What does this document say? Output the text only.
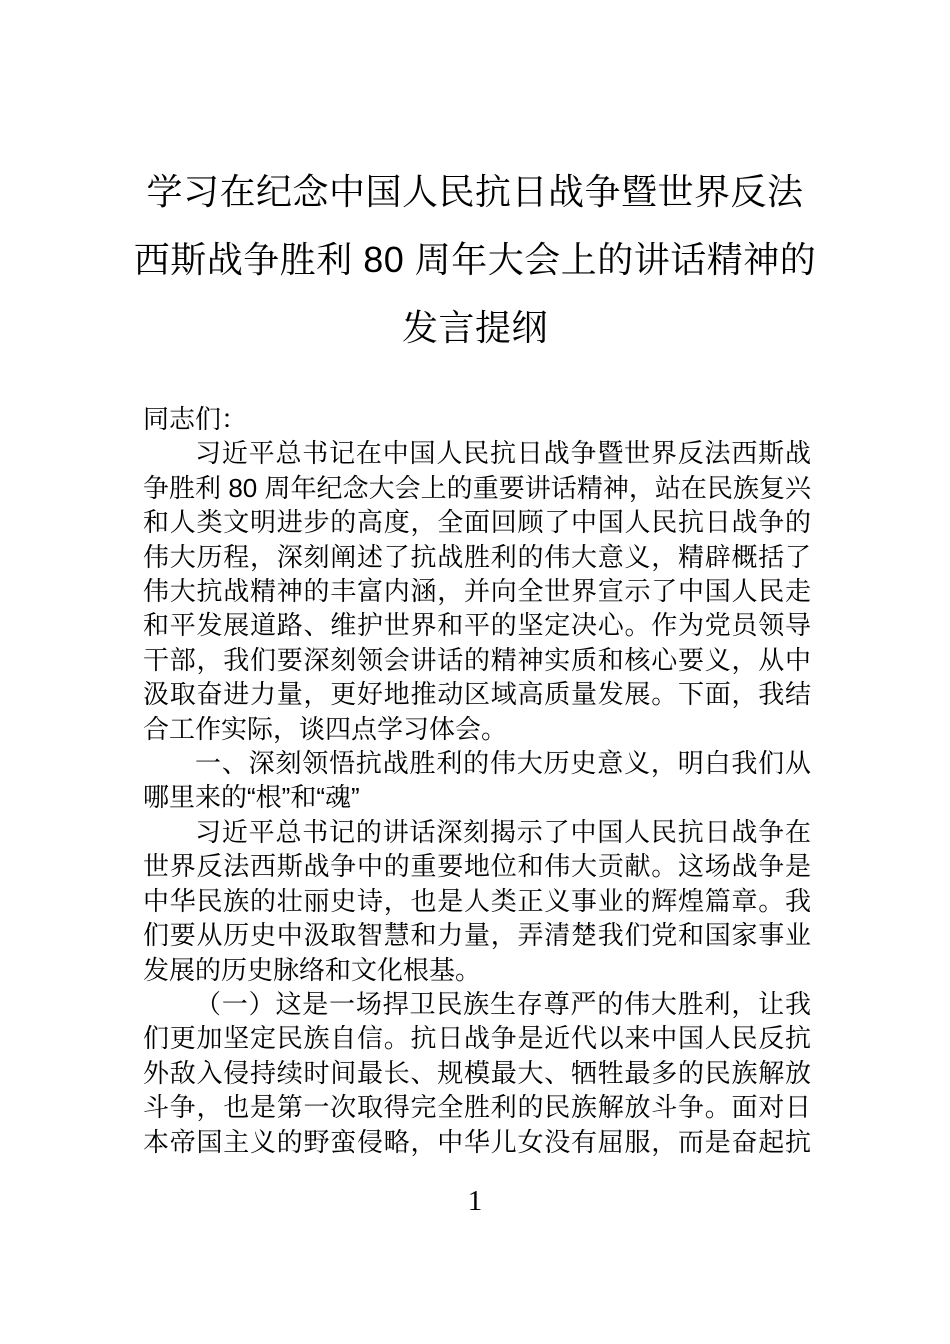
学习在纪念中国人民抗日战争暨世界反法
西斯战争胜利 80 周年大会上的讲话精神的
发言提纲
同志们：
习近平总书记在中国人民抗日战争暨世界反法西斯战
争胜利 80 周年纪念大会上的重要讲话精神，站在民族复兴
和人类文明进步的高度，全面回顾了中国人民抗日战争的
伟大历程，深刻阐述了抗战胜利的伟大意义，精辟概括了
伟大抗战精神的丰富内涵，并向全世界宣示了中国人民走
和平发展道路、维护世界和平的坚定决心。作为党员领导
干部，我们要深刻领会讲话的精神实质和核心要义，从中
汲取奋进力量，更好地推动区域高质量发展。下面，我结
合工作实际，谈四点学习体会。
一、深刻领悟抗战胜利的伟大历史意义，明白我们从
哪里来的“根”和“魂”
习近平总书记的讲话深刻揭示了中国人民抗日战争在
世界反法西斯战争中的重要地位和伟大贡献。这场战争是
中华民族的壮丽史诗，也是人类正义事业的辉煌篇章。我
们要从历史中汲取智慧和力量，弄清楚我们党和国家事业
发展的历史脉络和文化根基。
（一）这是一场捍卫民族生存尊严的伟大胜利，让我
们更加坚定民族自信。抗日战争是近代以来中国人民反抗
外敌入侵持续时间最长、规模最大、牺牲最多的民族解放
斗争，也是第一次取得完全胜利的民族解放斗争。面对日
本帝国主义的野蛮侵略，中华儿女没有屈服，而是奋起抗
1
